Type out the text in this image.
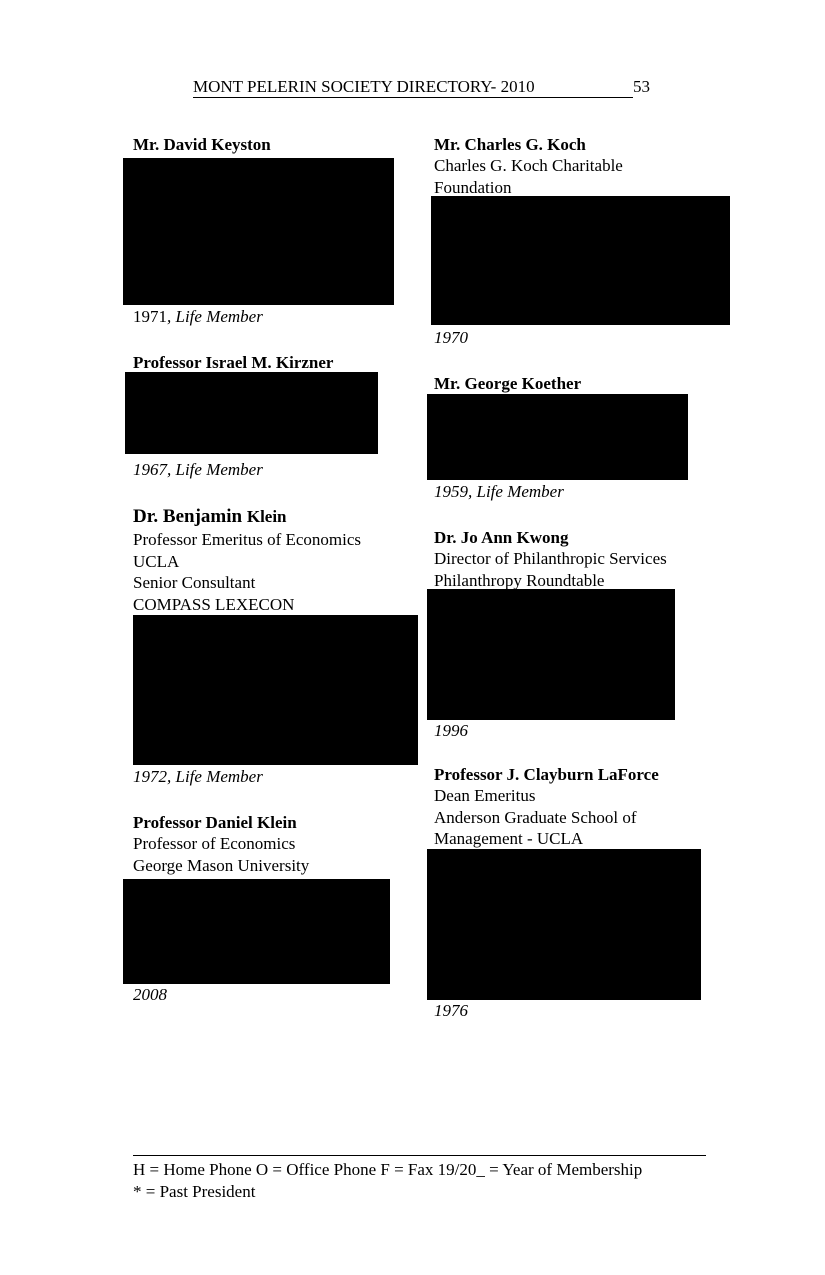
MONT PELERIN SOCIETY DIRECTORY- 2010	53
Mr. David Keyston
1971, Life Member
Professor Israel M. Kirzner
1967, Life Member
Dr. Benjamin Klein
Professor Emeritus of Economics
UCLA
Senior Consultant
COMPASS LEXECON
1972, Life Member
Professor Daniel Klein
Professor of Economics
George Mason University
2008
Mr. Charles G. Koch
Charles G. Koch Charitable
Foundation
1970
Mr. George Koether
1959, Life Member
Dr. Jo Ann Kwong
Director of Philanthropic Services
Philanthropy Roundtable
1996
Professor J. Clayburn LaForce
Dean Emeritus
Anderson Graduate School of
Management - UCLA
1976
H = Home Phone O = Office Phone F = Fax 19/20_ = Year of Membership
* = Past President
